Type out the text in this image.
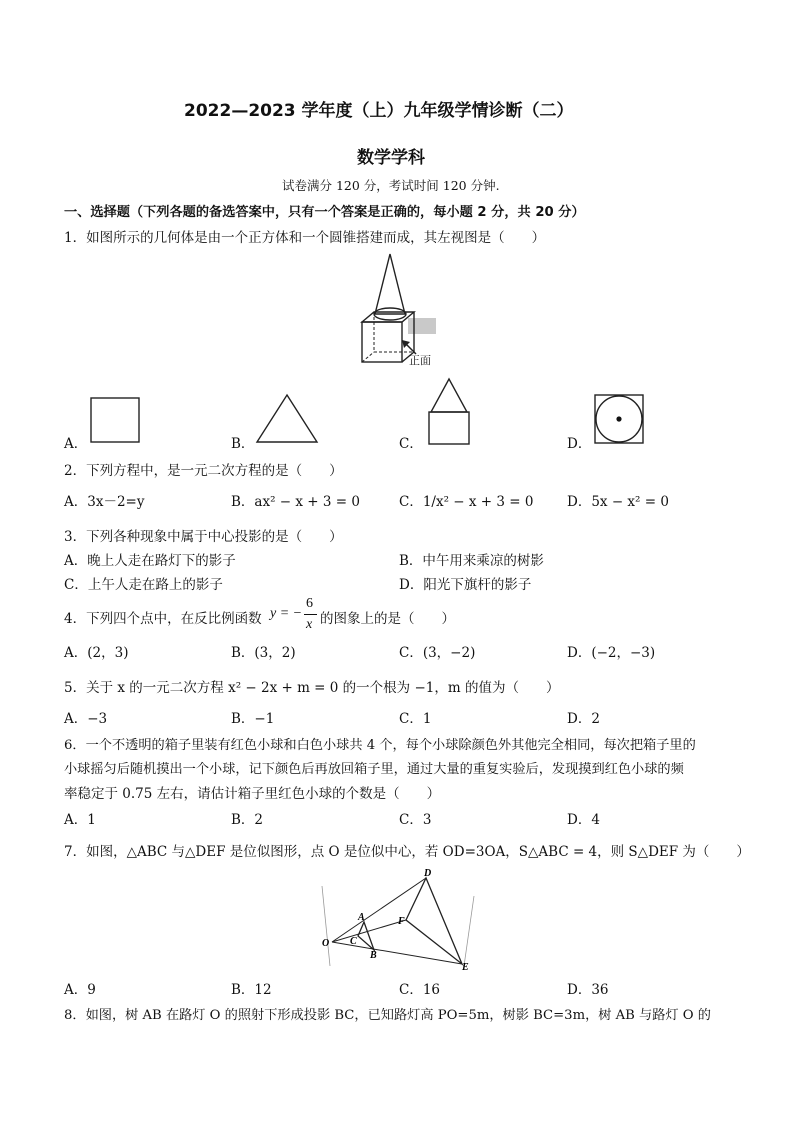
2022—2023 学年度（上）九年级学情诊断（二）
数学学科
试卷满分 120 分，考试时间 120 分钟.
一、选择题（下列各题的备选答案中，只有一个答案是正确的，每小题 2 分，共 20 分）
1．如图所示的几何体是由一个正方体和一个圆锥搭建而成，其左视图是（　　）
正面
A．	B．	C．	D．
2．下列方程中，是一元二次方程的是（　　）
A．3x－2=y	B．ax² − x + 3 = 0	C．1/x² − x + 3 = 0 D．5x − x² = 0
3．下列各种现象中属于中心投影的是（　　）
A．晚上人走在路灯下的影子	B．中午用来乘凉的树影
C．上午人走在路上的影子	D．阳光下旗杆的影子
4．下列四个点中，在反比例函数 y = −
6
x 的图象上的是（　　）
A．(2，3)	B．(3，2)	C．(3，−2)	D．(−2，−3)
5．关于 x 的一元二次方程 x² − 2x + m = 0 的一个根为 −1，m 的值为（　　）
A．−3	B．−1	C．1	D．2
6．一个不透明的箱子里装有红色小球和白色小球共 4 个，每个小球除颜色外其他完全相同，每次把箱子里的
小球摇匀后随机摸出一个小球，记下颜色后再放回箱子里，通过大量的重复实验后，发现摸到红色小球的频
率稳定于 0.75 左右，请估计箱子里红色小球的个数是（　　）
A．1	B．2	C．3	D．4
7．如图，△ABC 与△DEF 是位似图形，点 O 是位似中心，若 OD=3OA，S△ABC = 4，则 S△DEF 为（　　）
D
A	F
O C
B
E
A．9	B．12	C．16	D．36
8．如图，树 AB 在路灯 O 的照射下形成投影 BC，已知路灯高 PO=5m，树影 BC=3m，树 AB 与路灯 O 的
